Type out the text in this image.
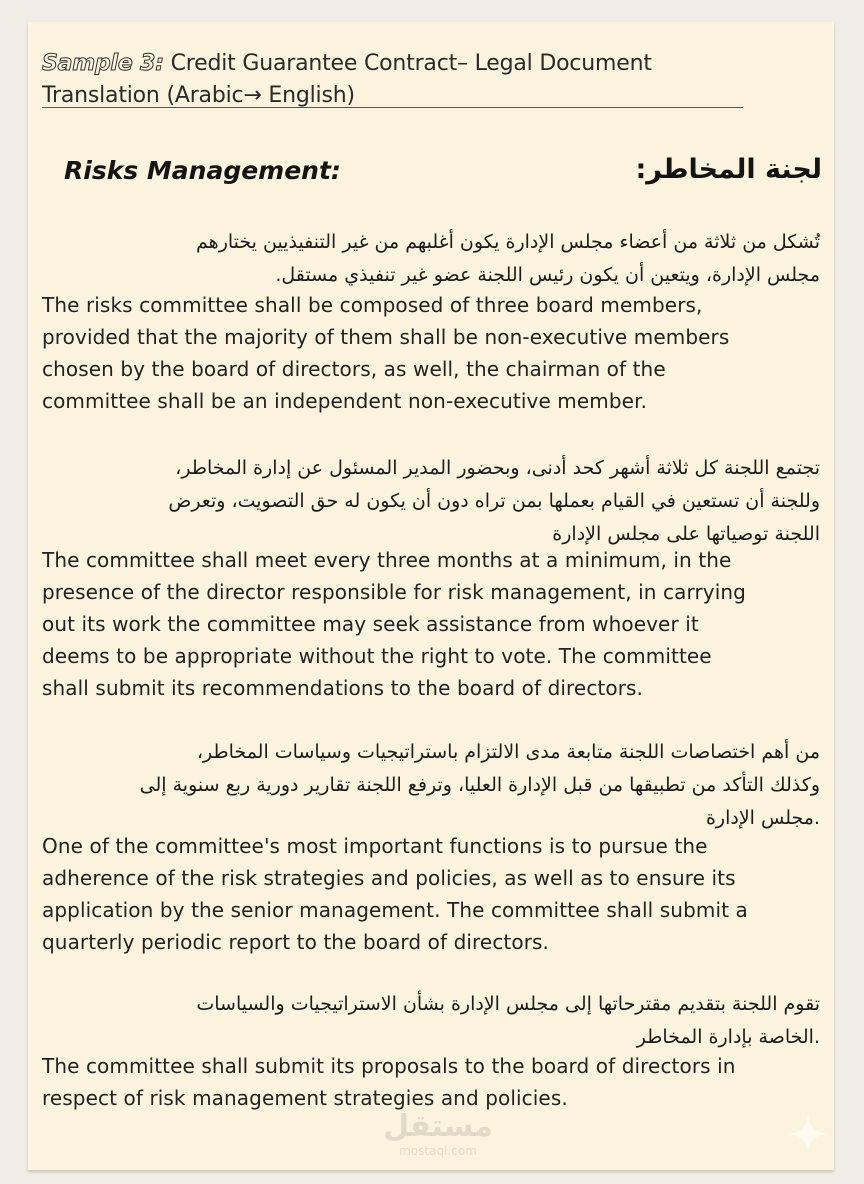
Sample 3: Credit Guarantee Contract– Legal Document
Translation (Arabic→ English)
Risks Management:	لجنة المخاطر:
تُشكل من ثلاثة من أعضاء مجلس الإدارة يكون أغلبهم من غير التنفيذيين يختارهم
مجلس الإدارة، ويتعين أن يكون رئيس اللجنة عضو غير تنفيذي مستقل.
The risks committee shall be composed of three board members,
provided that the majority of them shall be non-executive members
chosen by the board of directors, as well, the chairman of the
committee shall be an independent non-executive member.
تجتمع اللجنة كل ثلاثة أشهر كحد أدنى، وبحضور المدير المسئول عن إدارة المخاطر،
وللجنة أن تستعين في القيام بعملها بمن تراه دون أن يكون له حق التصويت، وتعرض
اللجنة توصياتها على مجلس الإدارة
The committee shall meet every three months at a minimum, in the
presence of the director responsible for risk management, in carrying
out its work the committee may seek assistance from whoever it
deems to be appropriate without the right to vote. The committee
shall submit its recommendations to the board of directors.
من أهم اختصاصات اللجنة متابعة مدى الالتزام باستراتيجيات وسياسات المخاطر،
وكذلك التأكد من تطبيقها من قبل الإدارة العليا، وترفع اللجنة تقارير دورية ربع سنوية إلى
.مجلس الإدارة
One of the committee's most important functions is to pursue the
adherence of the risk strategies and policies, as well as to ensure its
application by the senior management. The committee shall submit a
quarterly periodic report to the board of directors.
تقوم اللجنة بتقديم مقترحاتها إلى مجلس الإدارة بشأن الاستراتيجيات والسياسات
.الخاصة بإدارة المخاطر
The committee shall submit its proposals to the board of directors in
respect of risk management strategies and policies.
مستقل
mostaql.com
